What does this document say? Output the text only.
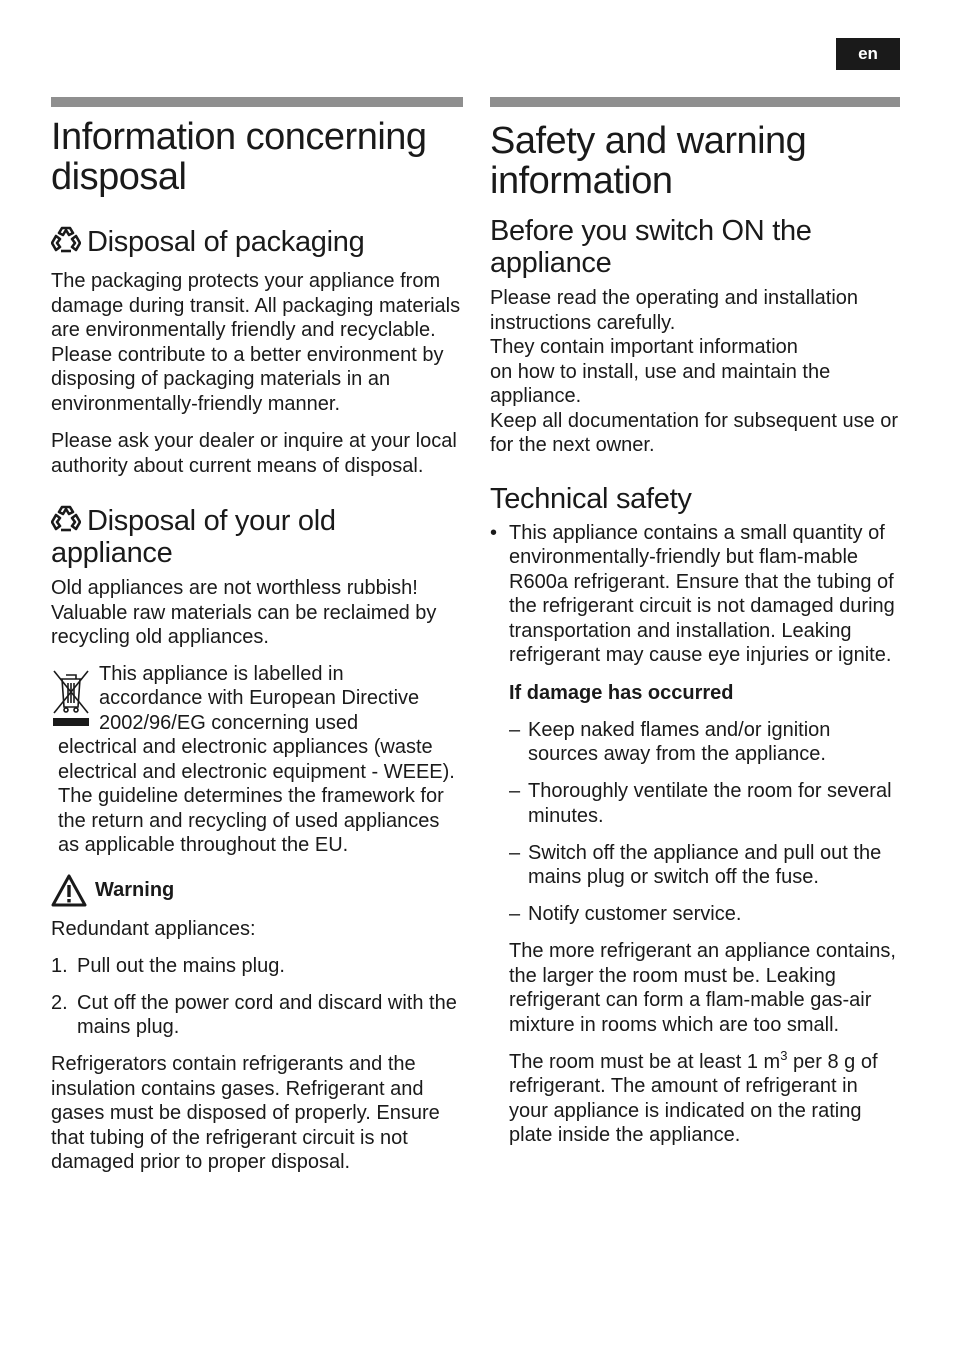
en
Information concerning disposal
Disposal of packaging

The packaging protects your appliance from damage during transit. All packaging materials are environmentally friendly and recyclable. Please contribute to a better environment by disposing of packaging materials in an environmentally-friendly manner.

Please ask your dealer or inquire at your local authority about current means of disposal.

Disposal of your old appliance

Old appliances are not worthless rubbish! Valuable raw materials can be reclaimed by recycling old appliances.

This appliance is labelled in

accordance with European Directive

2002/96/EG concerning used

electrical and electronic appliances (waste electrical and electronic equipment - WEEE). The guideline determines the framework for the return and recycling of used appliances as applicable throughout the EU.

Warning

Redundant appliances:

1. Pull out the mains plug.
2. Cut off the power cord and discard with the mains plug.

Refrigerators contain refrigerants and the insulation contains gases. Refrigerant and gases must be disposed of properly. Ensure that tubing of the refrigerant circuit is not damaged prior to proper disposal.

Safety and warning information
Before you switch ON the appliance

Please read the operating and installation instructions carefully.

They contain important information

on how to install, use and maintain the appliance.

Keep all documentation for subsequent use or for the next owner.

Technical safety
• This appliance contains a small quantity of environmentally-friendly but flam-mable R600a refrigerant. Ensure that the tubing of the refrigerant circuit is not damaged during transportation and installation. Leaking refrigerant may cause eye injuries or ignite.
If damage has occurred
– Keep naked flames and/or ignition sources away from the appliance.
– Thoroughly ventilate the room for several minutes.
– Switch off the appliance and pull out the mains plug or switch off the fuse.
– Notify customer service.

The more refrigerant an appliance contains, the larger the room must be. Leaking refrigerant can form a flam-mable gas-air mixture in rooms which are too small.

The room must be at least 1 $m^3$ per 8 g of refrigerant. The amount of refrigerant in your appliance is indicated on the rating plate inside the appliance.
